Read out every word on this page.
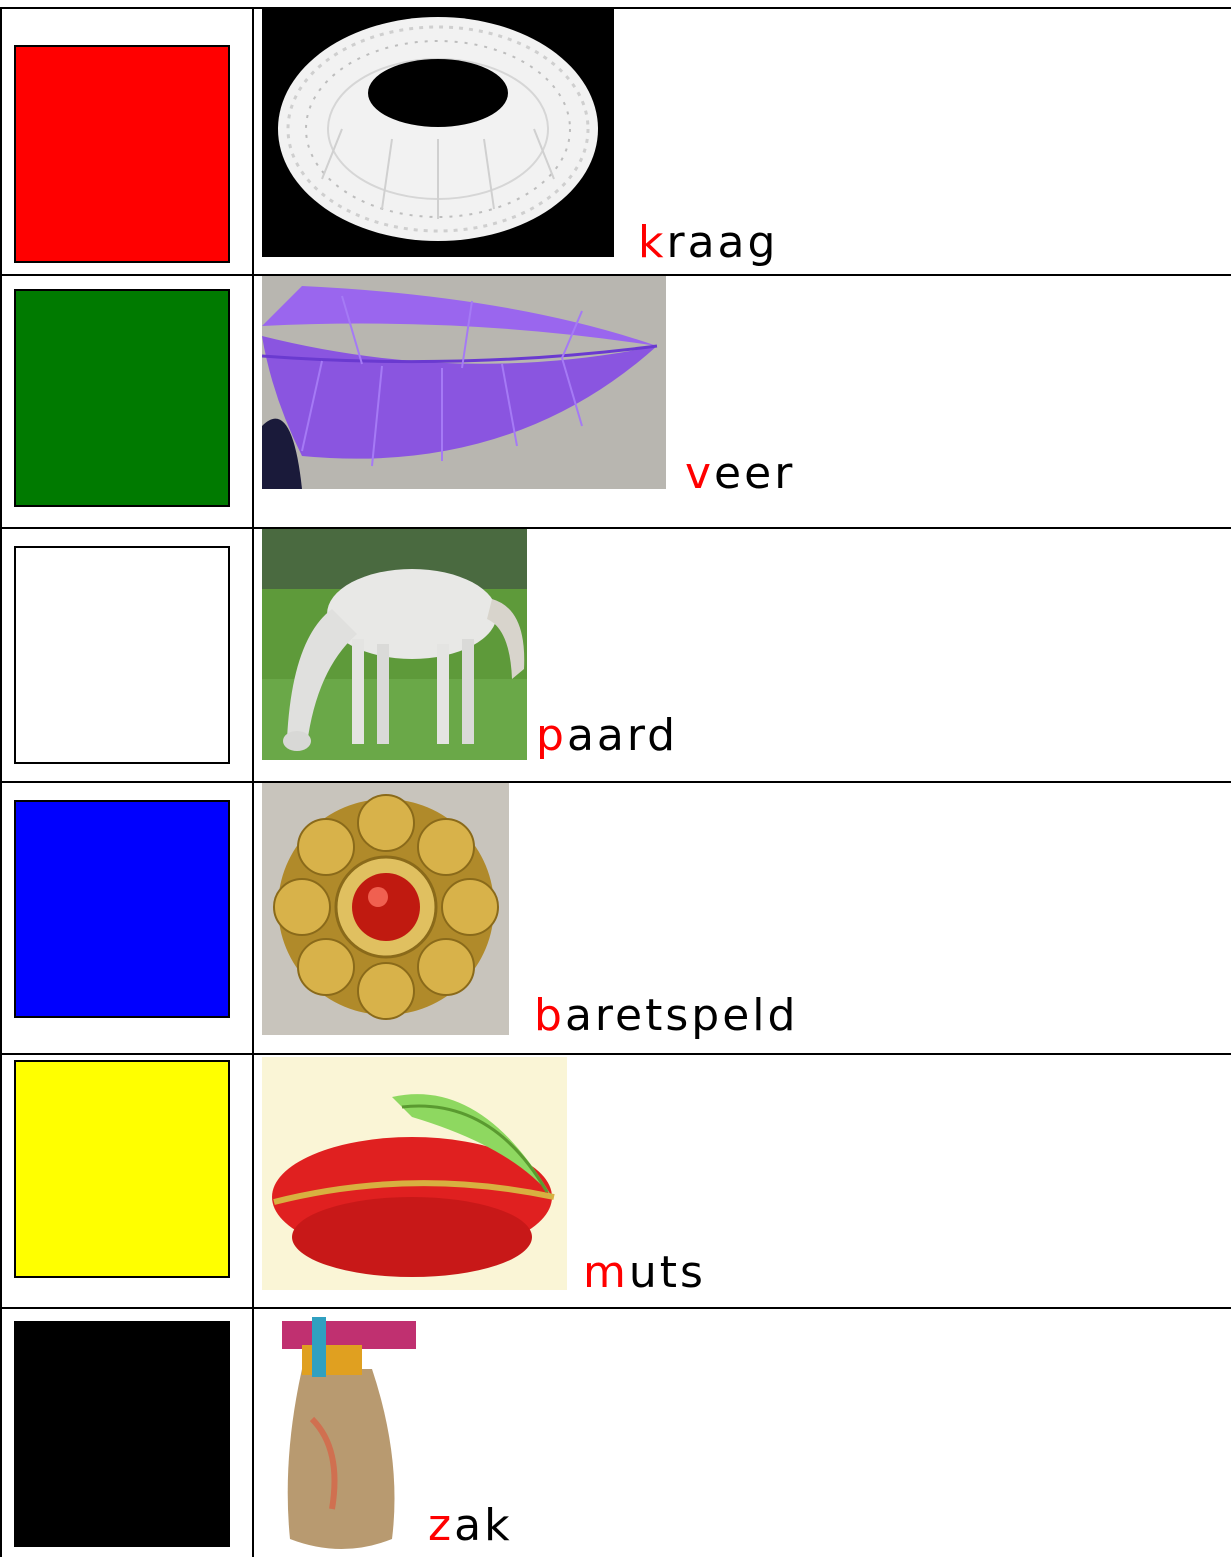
kraag
veer
paard
baretspeld
muts
zak
